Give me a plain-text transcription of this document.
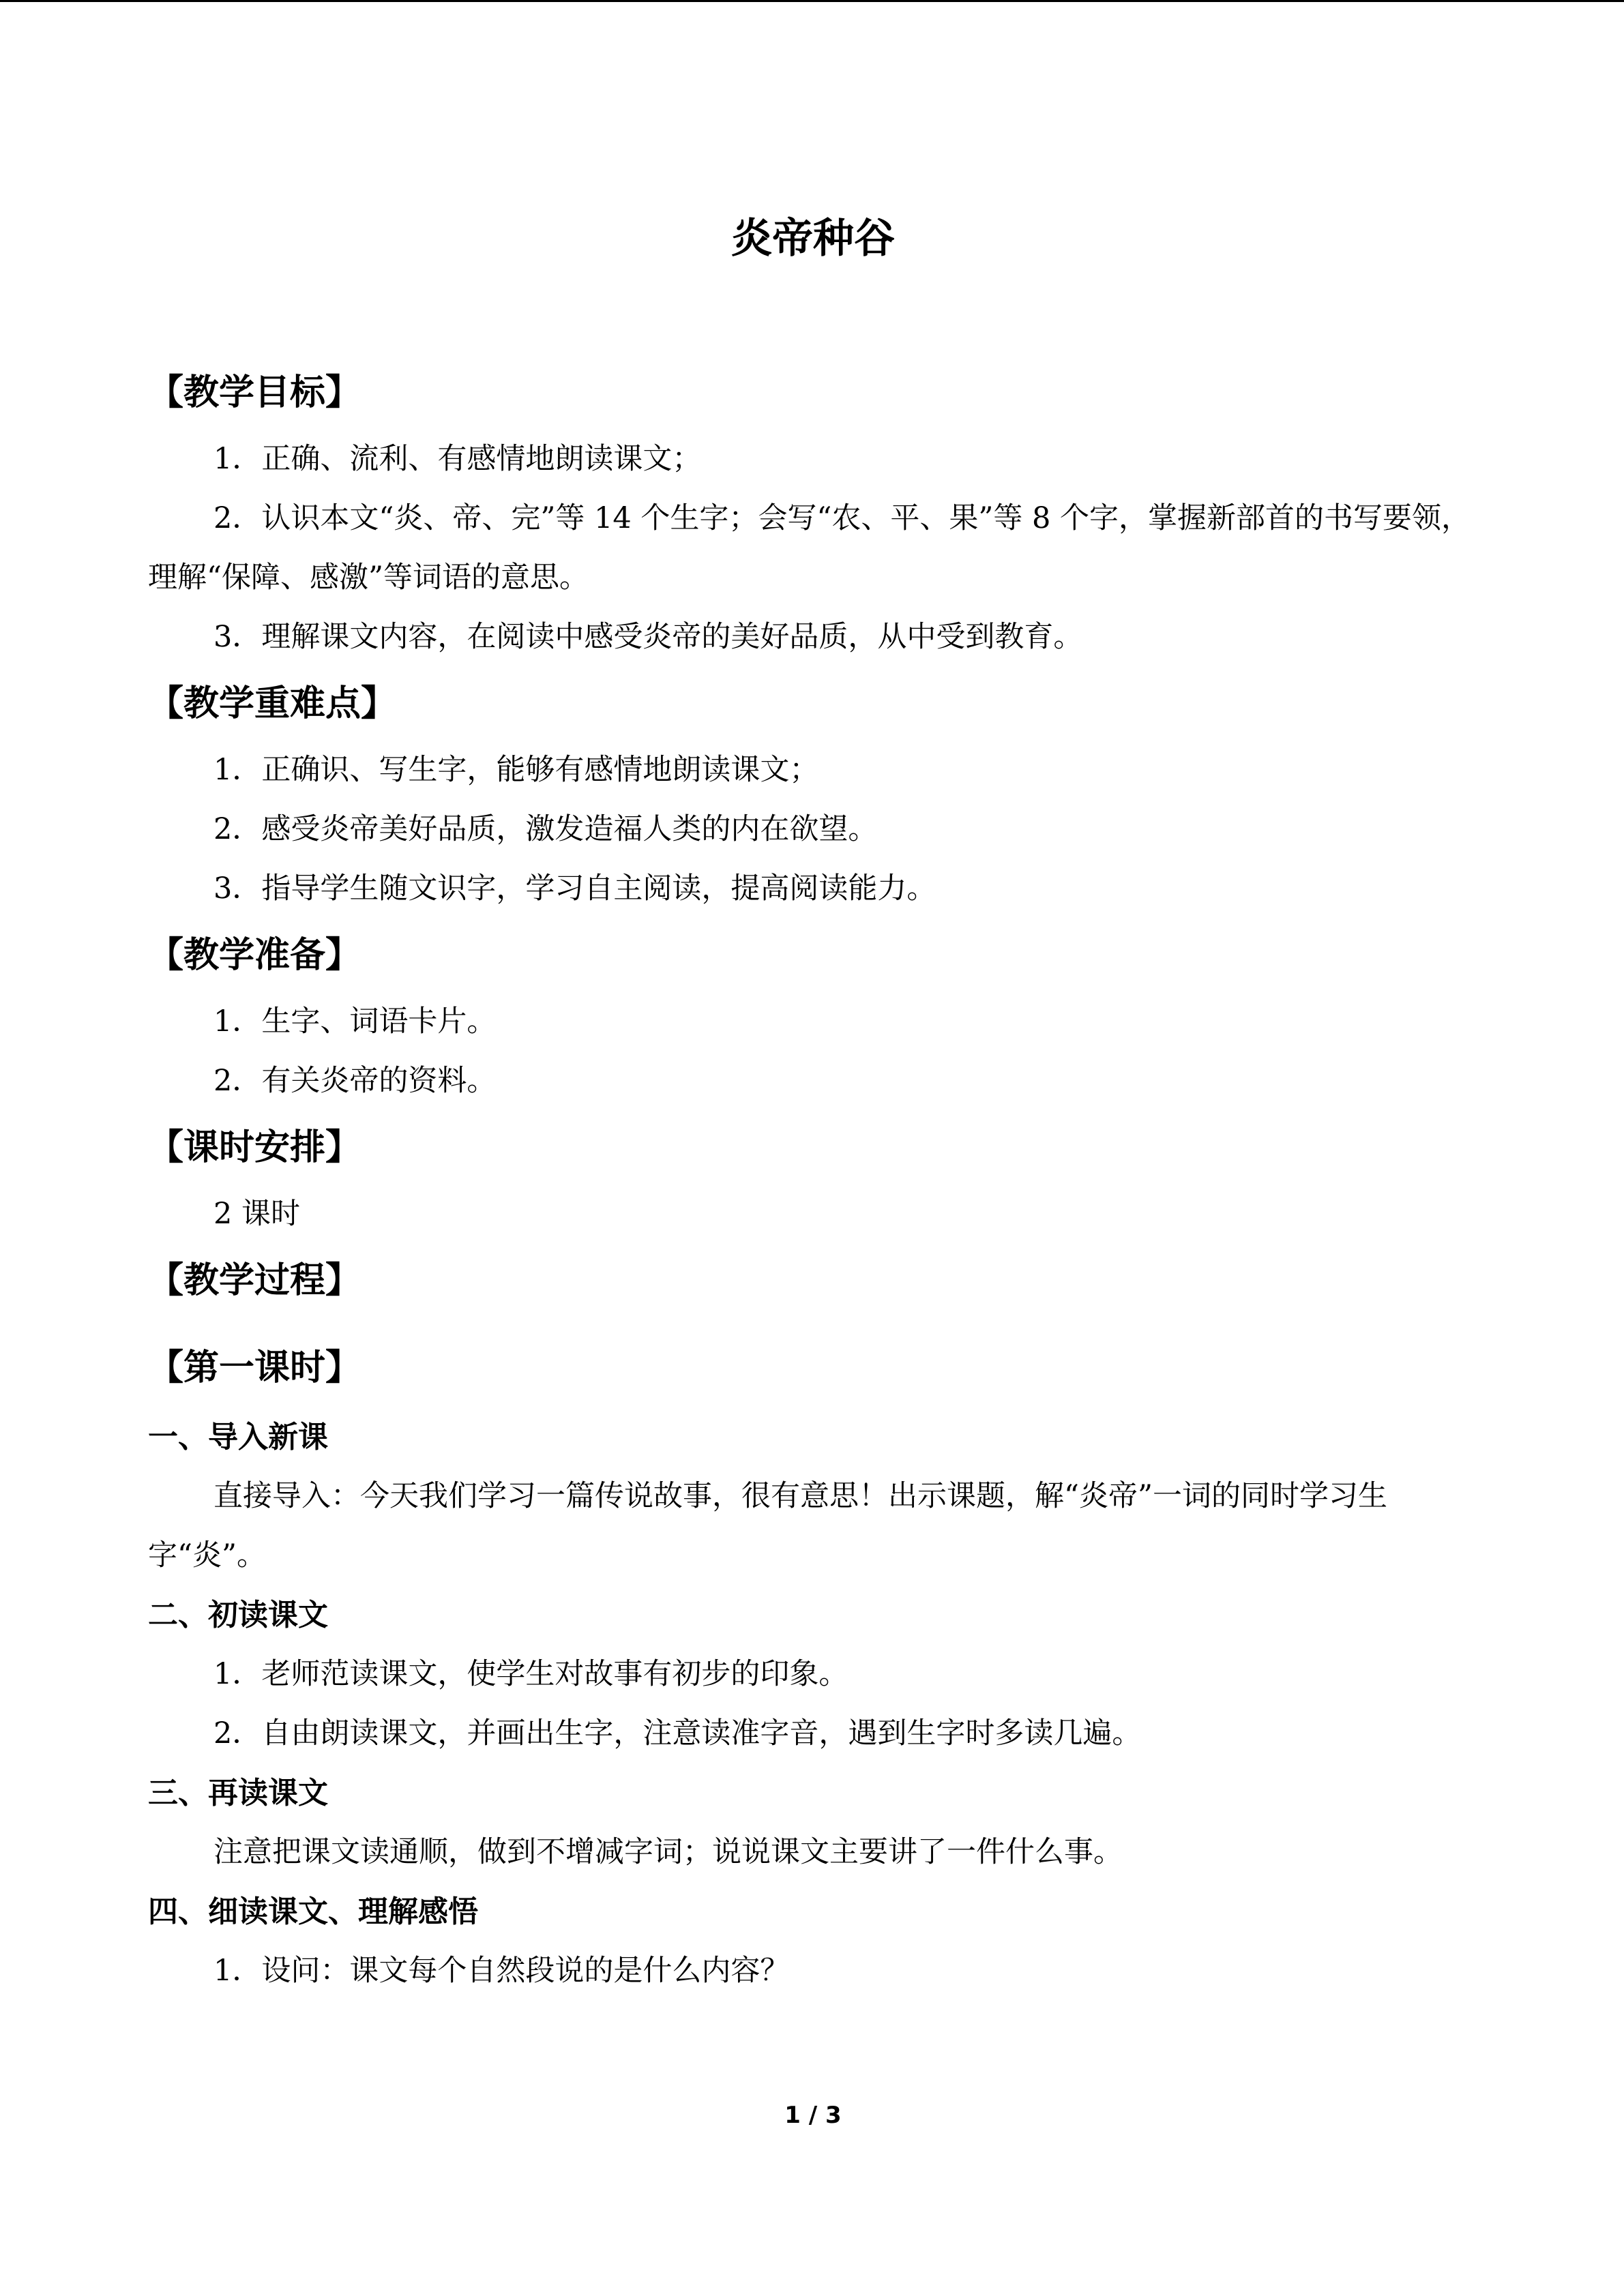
炎帝种谷
【教学目标】

1．正确、流利、有感情地朗读课文；

2．认识本文“炎、帝、完”等 14 个生字；会写“农、平、果”等 8 个字，掌握新部首的书写要领，理解“保障、感激”等词语的意思。

3．理解课文内容，在阅读中感受炎帝的美好品质，从中受到教育。

【教学重难点】

1．正确识、写生字，能够有感情地朗读课文；

2．感受炎帝美好品质，激发造福人类的内在欲望。

3．指导学生随文识字，学习自主阅读，提高阅读能力。

【教学准备】

1．生字、词语卡片。

2．有关炎帝的资料。

【课时安排】

2 课时

【教学过程】
【第一课时】
一、导入新课

直接导入：今天我们学习一篇传说故事，很有意思！出示课题，解“炎帝”一词的同时学习生字“炎”。

二、初读课文

1．老师范读课文，使学生对故事有初步的印象。

2．自由朗读课文，并画出生字，注意读准字音，遇到生字时多读几遍。

三、再读课文

注意把课文读通顺，做到不增减字词；说说课文主要讲了一件什么事。

四、细读课文、理解感悟

1．设问：课文每个自然段说的是什么内容？

1 / 3
